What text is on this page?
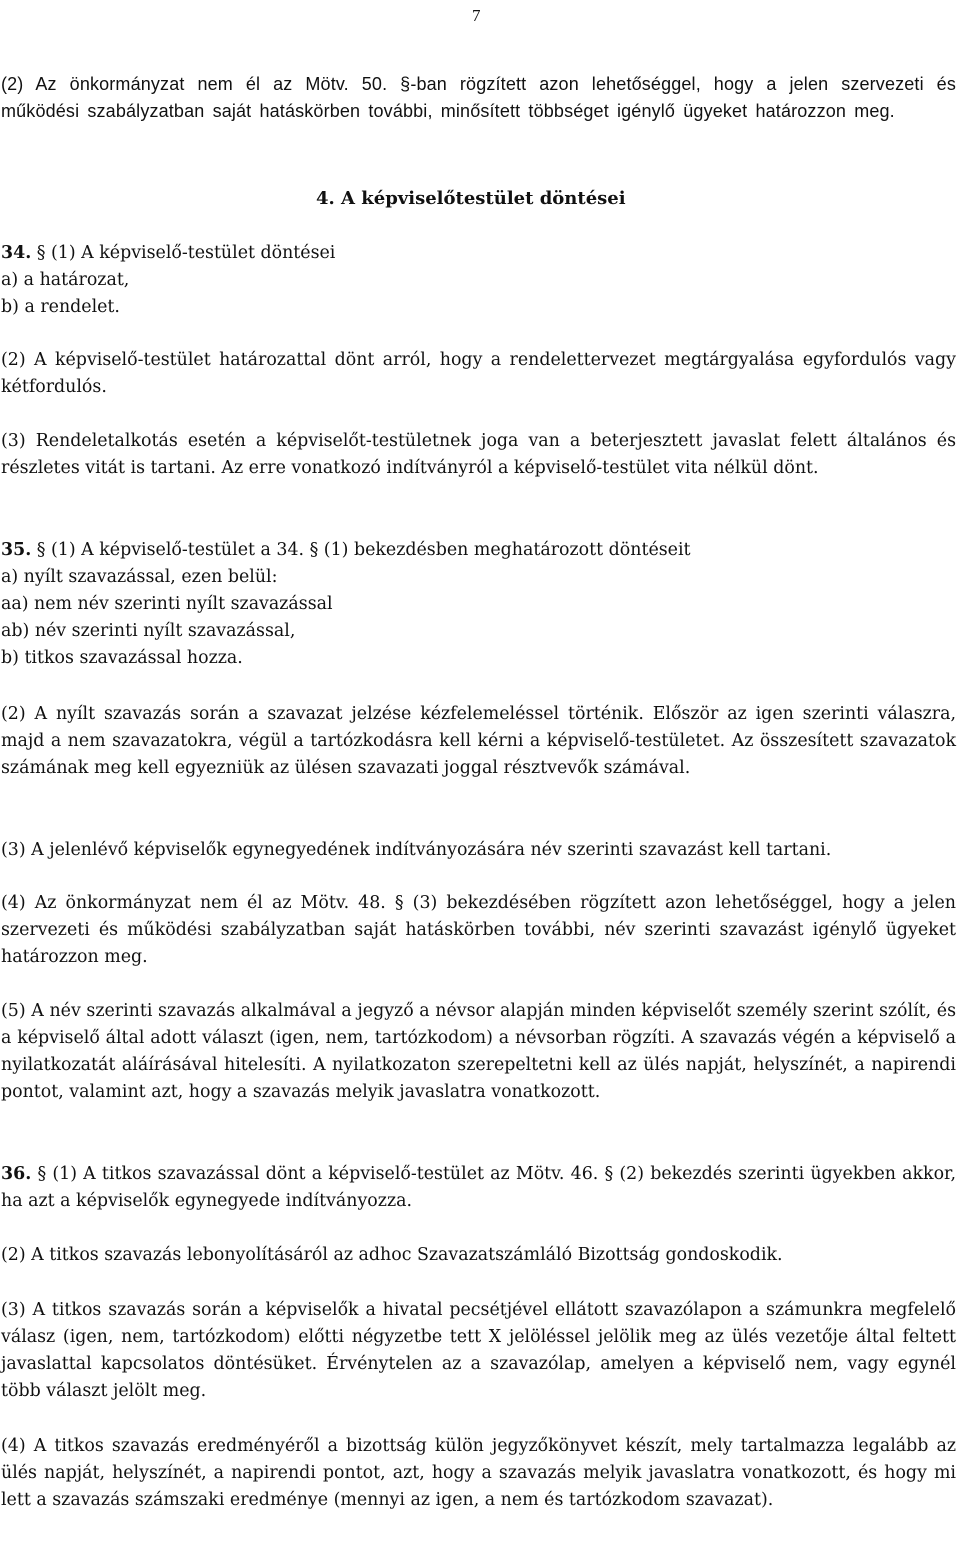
7

(2) Az önkormányzat nem él az Mötv. 50. §-ban rögzített azon lehetőséggel, hogy a jelen szervezeti és működési szabályzatban saját hatáskörben további, minősített többséget igénylő ügyeket határozzon meg.

4. A képviselőtestület döntései

34. § (1) A képviselő-testület döntései

a) a határozat,

b) a rendelet.

(2) A képviselő-testület határozattal dönt arról, hogy a rendelettervezet megtárgyalása egyfordulós vagy kétfordulós.

(3) Rendeletalkotás esetén a képviselőt-testületnek joga van a beterjesztett javaslat felett általános és részletes vitát is tartani. Az erre vonatkozó indítványról a képviselő-testület vita nélkül dönt.

35. § (1) A képviselő-testület a 34. § (1) bekezdésben meghatározott döntéseit

a) nyílt szavazással, ezen belül:

aa) nem név szerinti nyílt szavazással

ab) név szerinti nyílt szavazással,

b) titkos szavazással hozza.

(2) A nyílt szavazás során a szavazat jelzése kézfelemeléssel történik. Először az igen szerinti válaszra, majd a nem szavazatokra, végül a tartózkodásra kell kérni a képviselő-testületet. Az összesített szavazatok számának meg kell egyezniük az ülésen szavazati joggal résztvevők számával.

(3) A jelenlévő képviselők egynegyedének indítványozására név szerinti szavazást kell tartani.

(4) Az önkormányzat nem él az Mötv. 48. § (3) bekezdésében rögzített azon lehetőséggel, hogy a jelen szervezeti és működési szabályzatban saját hatáskörben további, név szerinti szavazást igénylő ügyeket határozzon meg.

(5) A név szerinti szavazás alkalmával a jegyző a névsor alapján minden képviselőt személy szerint szólít, és a képviselő által adott választ (igen, nem, tartózkodom) a névsorban rögzíti. A szavazás végén a képviselő a nyilatkozatát aláírásával hitelesíti. A nyilatkozaton szerepeltetni kell az ülés napját, helyszínét, a napirendi pontot, valamint azt, hogy a szavazás melyik javaslatra vonatkozott.

36. § (1) A titkos szavazással dönt a képviselő-testület az Mötv. 46. § (2) bekezdés szerinti ügyekben akkor, ha azt a képviselők egynegyede indítványozza.

(2) A titkos szavazás lebonyolításáról az adhoc Szavazatszámláló Bizottság gondoskodik.

(3) A titkos szavazás során a képviselők a hivatal pecsétjével ellátott szavazólapon a számunkra megfelelő válasz (igen, nem, tartózkodom) előtti négyzetbe tett X jelöléssel jelölik meg az ülés vezetője által feltett javaslattal kapcsolatos döntésüket. Érvénytelen az a szavazólap, amelyen a képviselő nem, vagy egynél több választ jelölt meg.

(4) A titkos szavazás eredményéről a bizottság külön jegyzőkönyvet készít, mely tartalmazza legalább az ülés napját, helyszínét, a napirendi pontot, azt, hogy a szavazás melyik javaslatra vonatkozott, és hogy mi lett a szavazás számszaki eredménye (mennyi az igen, a nem és tartózkodom szavazat).
